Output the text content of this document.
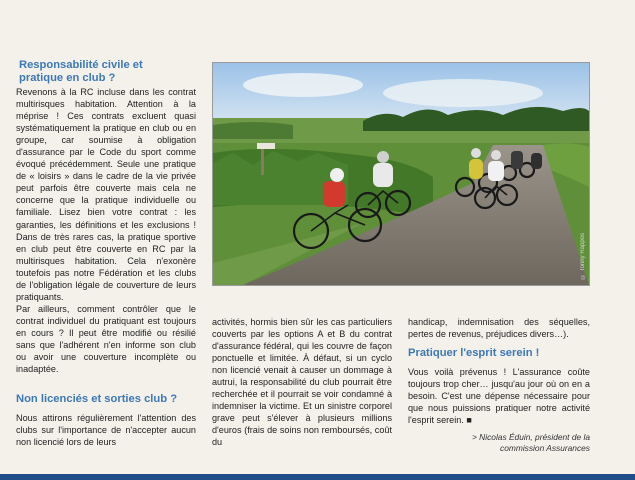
Responsabilité civile et pratique en club ?

Revenons à la RC incluse dans les contrat multirisques habitation. Attention à la méprise ! Ces contrats excluent quasi systématiquement la pratique en club ou en groupe, car soumise à obligation d'assurance par le Code du sport comme évoqué précédemment. Seule une pratique de « loisirs » dans le cadre de la vie privée peut parfois être couverte mais cela ne concerne que la pratique individuelle ou familiale. Lisez bien votre contrat : les garanties, les définitions et les exclusions ! Dans de très rares cas, la pratique sportive en club peut être couverte en RC par la multirisques habitation. Cela n'exonère toutefois pas notre Fédération et les clubs de l'obligation légale de couverture de leurs pratiquants.

Par ailleurs, comment contrôler que le contrat individuel du pratiquant est toujours en cours ? Il peut être modifié ou résilié sans que l'adhérent n'en informe son club ou avoir une couverture incomplète ou inadaptée.

Non licenciés et sorties club ?

Nous attirons régulièrement l'attention des clubs sur l'importance de n'accepter aucun non licencié lors de leurs

© Tonny Rappos

activités, hormis bien sûr les cas particuliers couverts par les options A et B du contrat d'assurance fédéral, qui les couvre de façon ponctuelle et limitée. À défaut, si un cyclo non licencié venait à causer un dommage à autrui, la responsabilité du club pourrait être recherchée et il pourrait se voir condamné à indemniser la victime. Et un sinistre corporel grave peut s'élever à plusieurs millions d'euros (frais de soins non remboursés, coût du

handicap, indemnisation des séquelles, pertes de revenus, préjudices divers…).

Pratiquer l'esprit serein !

Vous voilà prévenus ! L'assurance coûte toujours trop cher… jusqu'au jour où on en a besoin. C'est une dépense nécessaire pour que nous puissions pratiquer notre activité l'esprit serein. ■

> Nicolas Éduin, président de la commission Assurances
